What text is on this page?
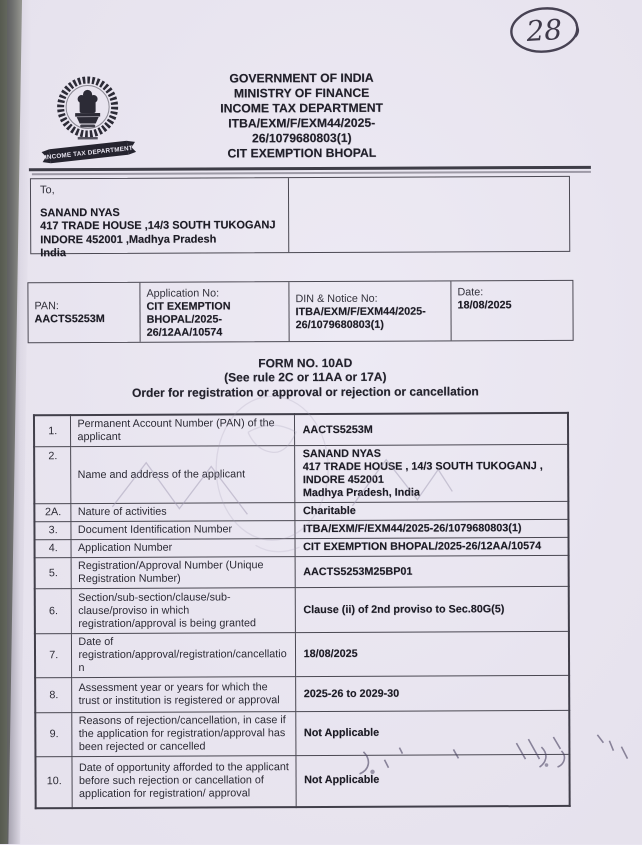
28
INCOME TAX DEPARTMENT
GOVERNMENT OF INDIA
MINISTRY OF FINANCE
INCOME TAX DEPARTMENT
ITBA/EXM/F/EXM44/2025-
26/1079680803(1)
CIT EXEMPTION BHOPAL
To,
SANAND NYAS
417 TRADE HOUSE ,14/3 SOUTH TUKOGANJ
INDORE 452001 ,Madhya Pradesh
India
PAN:
AACTS5253M
Application No:
CIT EXEMPTION BHOPAL/2025-26/12AA/10574
DIN & Notice No:
ITBA/EXM/F/EXM44/2025-26/1079680803(1)
Date:
18/08/2025
FORM NO. 10AD
(See rule 2C or 11AA or 17A)
Order for registration or approval or rejection or cancellation
1.	Permanent Account Number (PAN) of the applicant	AACTS5253M

2.	Name and address of the applicant	SANAND NYAS
417 TRADE HOUSE , 14/3 SOUTH TUKOGANJ ,
INDORE 452001
Madhya Pradesh, India

2A.	Nature of activities	Charitable

3.	Document Identification Number	ITBA/EXM/F/EXM44/2025-26/1079680803(1)

4.	Application Number	CIT EXEMPTION BHOPAL/2025-26/12AA/10574

5.	Registration/Approval Number (Unique Registration Number)	AACTS5253M25BP01

6.	Section/sub-section/clause/sub-clause/proviso in which registration/approval is being granted	Clause (ii) of 2nd proviso to Sec.80G(5)

7.	Date of registration/approval/registration/cancellation	18/08/2025

8.	Assessment year or years for which the trust or institution is registered or approval	2025-26 to 2029-30

9.	Reasons of rejection/cancellation, in case if the application for registration/approval has been rejected or cancelled	Not Applicable

10.	Date of opportunity afforded to the applicant before such rejection or cancellation of application for registration/ approval	Not Applicable
